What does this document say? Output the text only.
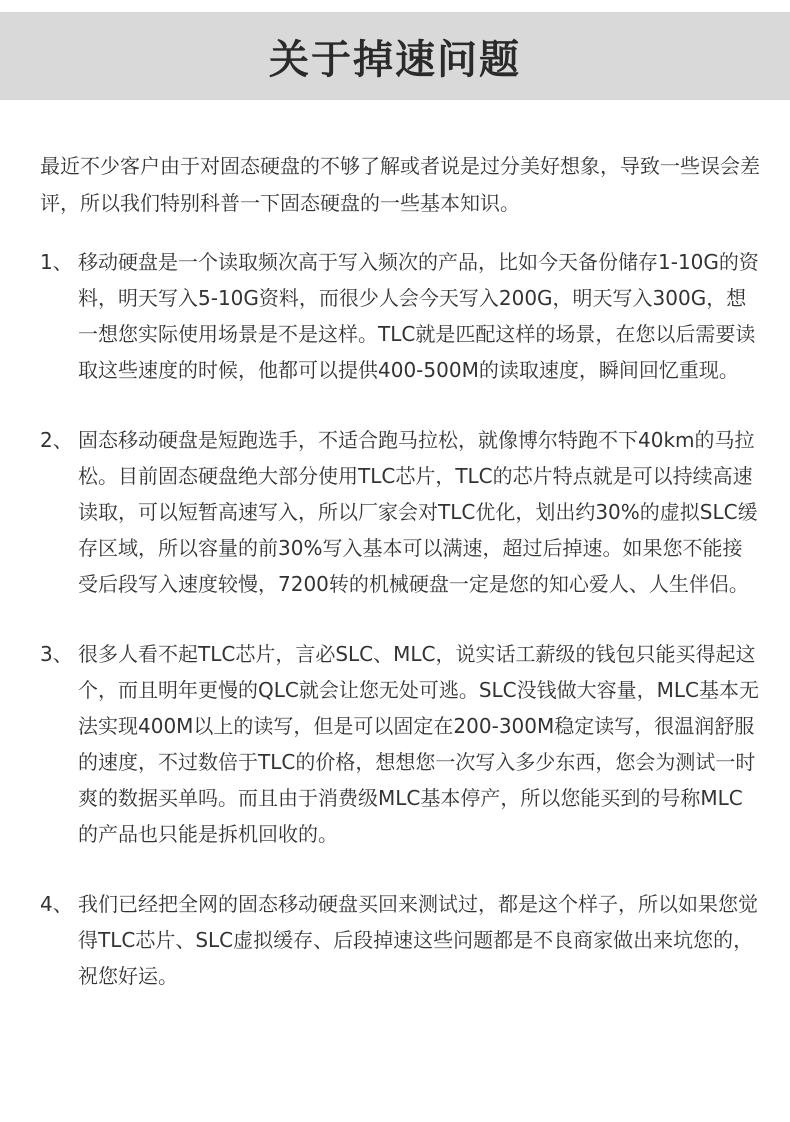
关于掉速问题

最近不少客户由于对固态硬盘的不够了解或者说是过分美好想象，导致一些误会差评，所以我们特别科普一下固态硬盘的一些基本知识。

1、 移动硬盘是一个读取频次高于写入频次的产品，比如今天备份储存1-10G的资料，明天写入5-10G资料，而很少人会今天写入200G，明天写入300G，想一想您实际使用场景是不是这样。TLC就是匹配这样的场景，在您以后需要读取这些速度的时候，他都可以提供400-500M的读取速度，瞬间回忆重现。
2、 固态移动硬盘是短跑选手，不适合跑马拉松，就像博尔特跑不下40km的马拉松。目前固态硬盘绝大部分使用TLC芯片，TLC的芯片特点就是可以持续高速读取，可以短暂高速写入，所以厂家会对TLC优化，划出约30%的虚拟SLC缓存区域，所以容量的前30%写入基本可以满速，超过后掉速。如果您不能接受后段写入速度较慢，7200转的机械硬盘一定是您的知心爱人、人生伴侣。
3、 很多人看不起TLC芯片，言必SLC、MLC，说实话工薪级的钱包只能买得起这个，而且明年更慢的QLC就会让您无处可逃。SLC没钱做大容量，MLC基本无法实现400M以上的读写，但是可以固定在200-300M稳定读写，很温润舒服的速度，不过数倍于TLC的价格，想想您一次写入多少东西，您会为测试一时爽的数据买单吗。而且由于消费级MLC基本停产，所以您能买到的号称MLC的产品也只能是拆机回收的。
4、 我们已经把全网的固态移动硬盘买回来测试过，都是这个样子，所以如果您觉得TLC芯片、SLC虚拟缓存、后段掉速这些问题都是不良商家做出来坑您的，祝您好运。
